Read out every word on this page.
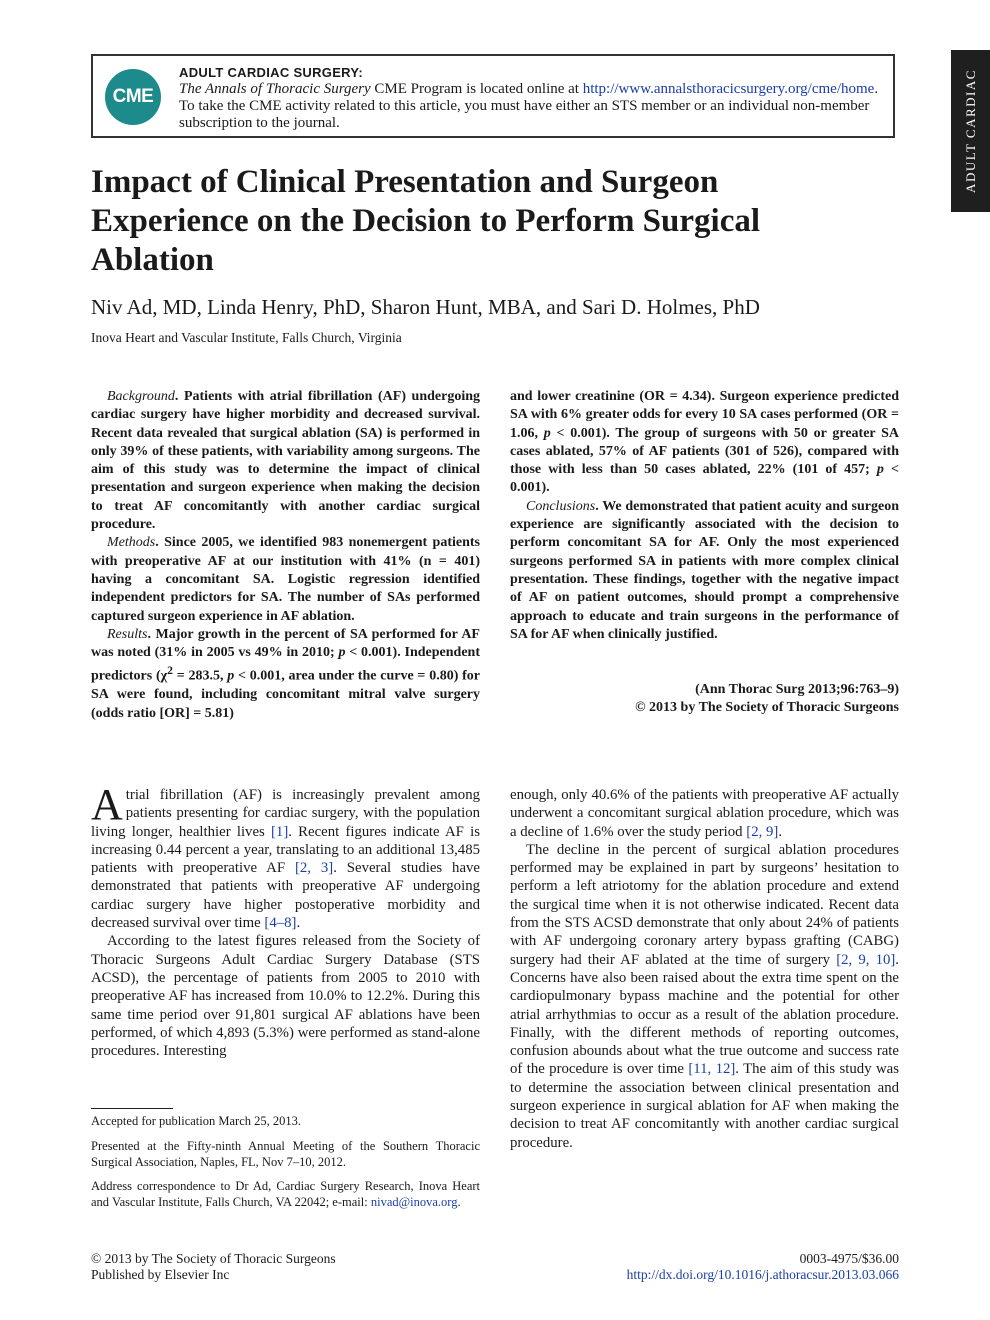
ADULT CARDIAC
CME
ADULT CARDIAC SURGERY:
The Annals of Thoracic Surgery CME Program is located online at http://www.annalsthoracicsurgery.org/cme/home. To take the CME activity related to this article, you must have either an STS member or an individual non-member subscription to the journal.
Impact of Clinical Presentation and Surgeon Experience on the Decision to Perform Surgical Ablation
Niv Ad, MD, Linda Henry, PhD, Sharon Hunt, MBA, and Sari D. Holmes, PhD
Inova Heart and Vascular Institute, Falls Church, Virginia

Background. Patients with atrial fibrillation (AF) undergoing cardiac surgery have higher morbidity and decreased survival. Recent data revealed that surgical ablation (SA) is performed in only 39% of these patients, with variability among surgeons. The aim of this study was to determine the impact of clinical presentation and surgeon experience when making the decision to treat AF concomitantly with another cardiac surgical procedure.

Methods. Since 2005, we identified 983 nonemergent patients with preoperative AF at our institution with 41% (n = 401) having a concomitant SA. Logistic regression identified independent predictors for SA. The number of SAs performed captured surgeon experience in AF ablation.

Results. Major growth in the percent of SA performed for AF was noted (31% in 2005 vs 49% in 2010; p < 0.001). Independent predictors ($\chi^2 = 283.5$, p < 0.001, area under the curve = 0.80) for SA were found, including concomitant mitral valve surgery (odds ratio [OR] = 5.81)

and lower creatinine (OR = 4.34). Surgeon experience predicted SA with 6% greater odds for every 10 SA cases performed (OR = 1.06, p < 0.001). The group of surgeons with 50 or greater SA cases ablated, 57% of AF patients (301 of 526), compared with those with less than 50 cases ablated, 22% (101 of 457; p < 0.001).

Conclusions. We demonstrated that patient acuity and surgeon experience are significantly associated with the decision to perform concomitant SA for AF. Only the most experienced surgeons performed SA in patients with more complex clinical presentation. These findings, together with the negative impact of AF on patient outcomes, should prompt a comprehensive approach to educate and train surgeons in the performance of SA for AF when clinically justified.

(Ann Thorac Surg 2013;96:763–9)
© 2013 by The Society of Thoracic Surgeons

Atrial fibrillation (AF) is increasingly prevalent among patients presenting for cardiac surgery, with the population living longer, healthier lives [1]. Recent figures indicate AF is increasing 0.44 percent a year, translating to an additional 13,485 patients with preoperative AF [2, 3]. Several studies have demonstrated that patients with preoperative AF undergoing cardiac surgery have higher postoperative morbidity and decreased survival over time [4–8].

According to the latest figures released from the Society of Thoracic Surgeons Adult Cardiac Surgery Database (STS ACSD), the percentage of patients from 2005 to 2010 with preoperative AF has increased from 10.0% to 12.2%. During this same time period over 91,801 surgical AF ablations have been performed, of which 4,893 (5.3%) were performed as stand-alone procedures. Interesting

enough, only 40.6% of the patients with preoperative AF actually underwent a concomitant surgical ablation procedure, which was a decline of 1.6% over the study period [2, 9].

The decline in the percent of surgical ablation procedures performed may be explained in part by surgeons’ hesitation to perform a left atriotomy for the ablation procedure and extend the surgical time when it is not otherwise indicated. Recent data from the STS ACSD demonstrate that only about 24% of patients with AF undergoing coronary artery bypass grafting (CABG) surgery had their AF ablated at the time of surgery [2, 9, 10]. Concerns have also been raised about the extra time spent on the cardiopulmonary bypass machine and the potential for other atrial arrhythmias to occur as a result of the ablation procedure. Finally, with the different methods of reporting outcomes, confusion abounds about what the true outcome and success rate of the procedure is over time [11, 12]. The aim of this study was to determine the association between clinical presentation and surgeon experience in surgical ablation for AF when making the decision to treat AF concomitantly with another cardiac surgical procedure.

Accepted for publication March 25, 2013.

Presented at the Fifty-ninth Annual Meeting of the Southern Thoracic Surgical Association, Naples, FL, Nov 7–10, 2012.

Address correspondence to Dr Ad, Cardiac Surgery Research, Inova Heart and Vascular Institute, Falls Church, VA 22042; e-mail: nivad@inova.org.

© 2013 by The Society of Thoracic Surgeons
Published by Elsevier Inc
0003-4975/$36.00
http://dx.doi.org/10.1016/j.athoracsur.2013.03.066
